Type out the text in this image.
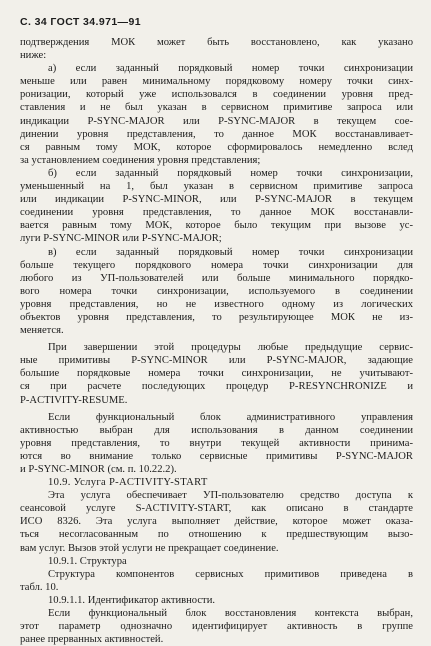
С. 34 ГОСТ 34.971—91

подтверждения МОК может быть восстановлено, как указано

ниже:

а) если заданный порядковый номер точки синхронизации

меньше или равен минимальному порядковому номеру точки синх-

ронизации, который уже использовался в соединении уровня пред-

ставления и не был указан в сервисном примитиве запроса или

индикации P-SYNC-MAJOR или P-SYNC-MAJOR в текущем сое-

динении уровня представления, то данное МОК восстанавливает-

ся равным тому МОК, которое сформировалось немедленно вслед

за установлением соединения уровня представления;

б) если заданный порядковый номер точки синхронизации,

уменьшенный на 1, был указан в сервисном примитиве запроса

или индикации P-SYNC-MINOR, или P-SYNC-MAJOR в текущем

соединении уровня представления, то данное МОК восстанавли-

вается равным тому МОК, которое было текущим при вызове ус-

луги P-SYNC-MINOR или P-SYNC-MAJOR;

в) если заданный порядковый номер точки синхронизации

больше текущего порядкового номера точки синхронизации для

любого из УП-пользователей или больше минимального порядко-

вого номера точки синхронизации, используемого в соединении

уровня представления, но не известного одному из логических

объектов уровня представления, то результирующее МОК не из-

меняется.

При завершении этой процедуры любые предыдущие сервис-

ные примитивы P-SYNC-MINOR или P-SYNC-MAJOR, задающие

большие порядковые номера точки синхронизации, не учитывают-

ся при расчете последующих процедур P-RESYNCHRONIZE и

P-ACTIVITY-RESUME.

Если функциональный блок административного управления

активностью выбран для использования в данном соединении

уровня представления, то внутри текущей активности принима-

ются во внимание только сервисные примитивы P-SYNC-MAJOR

и P-SYNC-MINOR (см. п. 10.22.2).

10.9. Услуга P-ACTIVITY-START

Эта услуга обеспечивает УП-пользователю средство доступа к

сеансовой услуге S-ACTIVITY-START, как описано в стандарте

ИСО 8326. Эта услуга выполняет действие, которое может оказа-

ться несогласованным по отношению к предшествующим вызо-

вам услуг. Вызов этой услуги не прекращает соединение.

10.9.1. Структура

Структура компонентов сервисных примитивов приведена в

табл. 10.

10.9.1.1. Идентификатор активности.

Если функциональный блок восстановления контекста выбран,

этот параметр однозначно идентифицирует активность в группе

ранее прерванных активностей.
